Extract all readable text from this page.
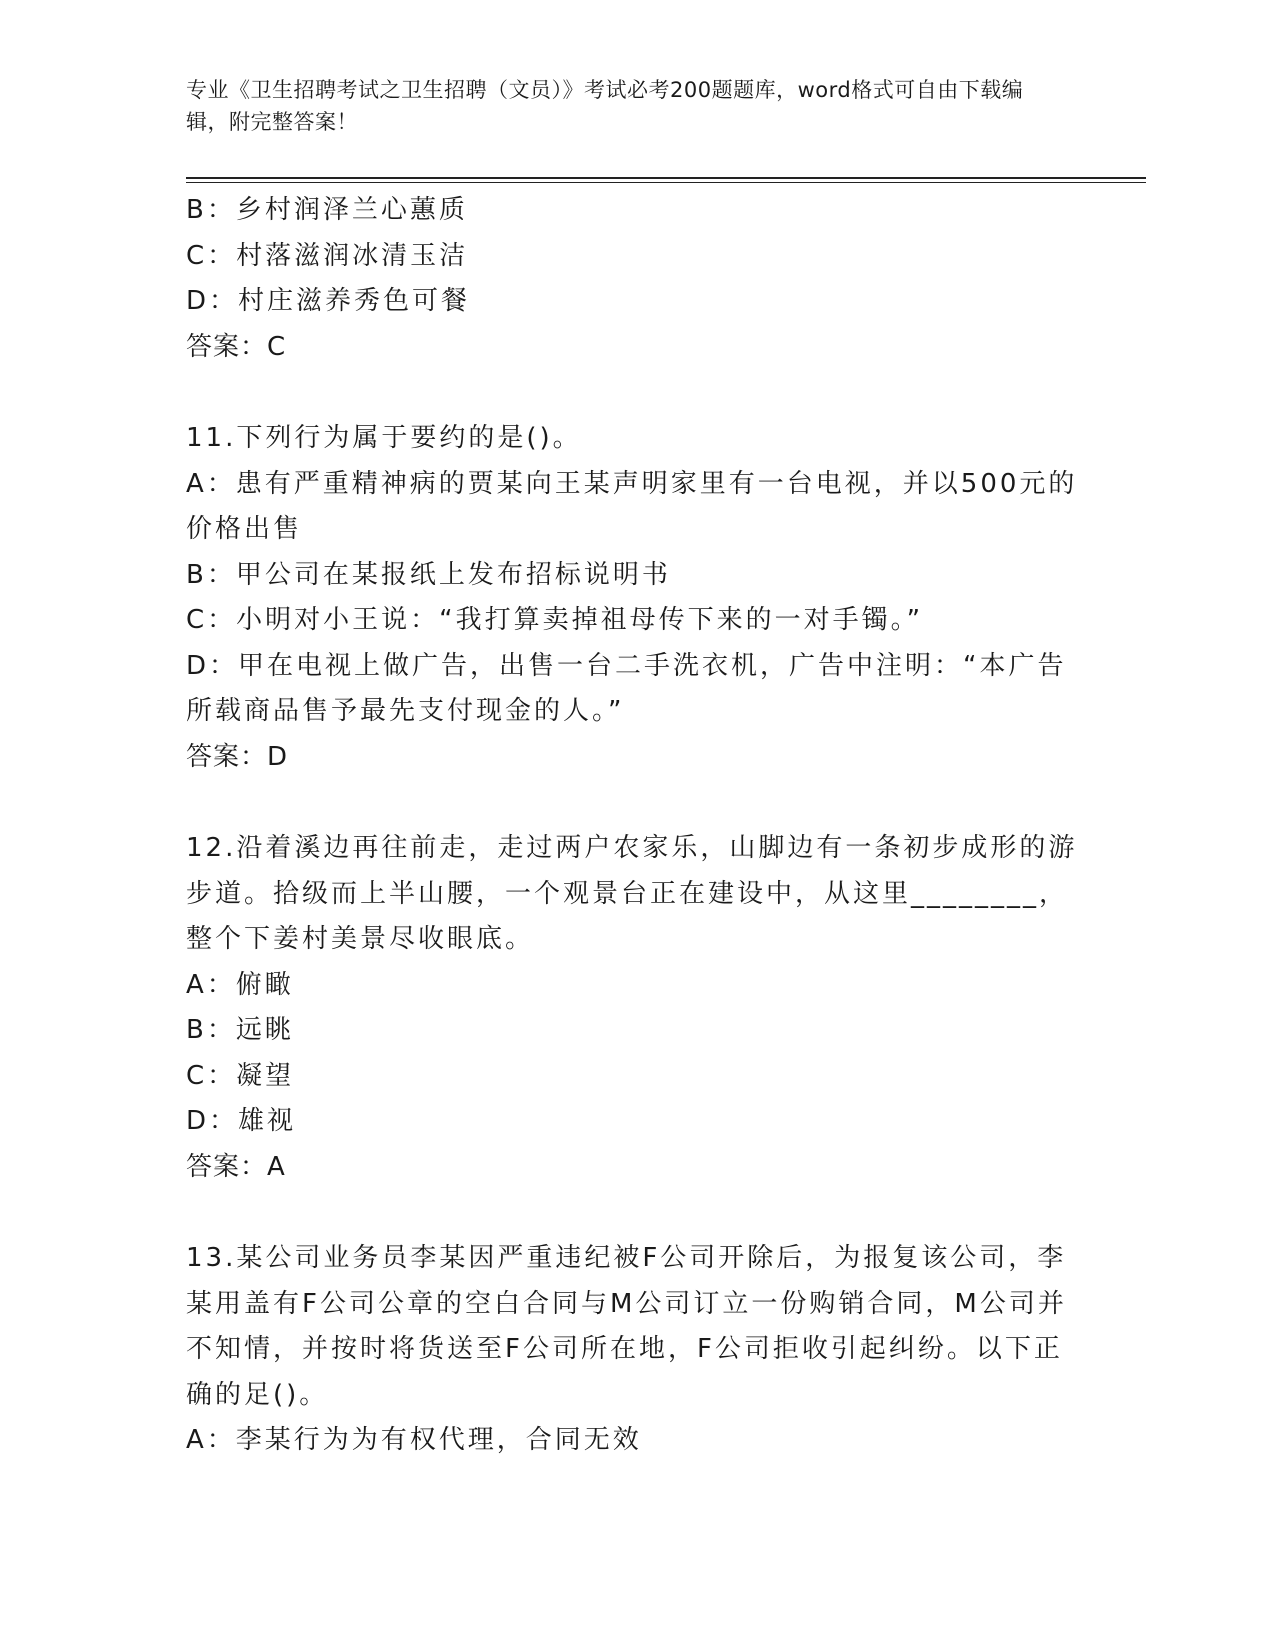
专业《卫生招聘考试之卫生招聘（文员）》考试必考200题题库，word格式可自由下载编辑，附完整答案！

B：乡村润泽兰心蕙质

C：村落滋润冰清玉洁

D：村庄滋养秀色可餐

答案：C

11.下列行为属于要约的是()。

A：患有严重精神病的贾某向王某声明家里有一台电视，并以500元的

价格出售

B：甲公司在某报纸上发布招标说明书

C：小明对小王说：“我打算卖掉祖母传下来的一对手镯。”

D：甲在电视上做广告，出售一台二手洗衣机，广告中注明：“本广告

所载商品售予最先支付现金的人。”

答案：D

12.沿着溪边再往前走，走过两户农家乐，山脚边有一条初步成形的游

步道。拾级而上半山腰，一个观景台正在建设中，从这里________，

整个下姜村美景尽收眼底。

A：俯瞰

B：远眺

C：凝望

D：雄视

答案：A

13.某公司业务员李某因严重违纪被F公司开除后，为报复该公司，李

某用盖有F公司公章的空白合同与M公司订立一份购销合同，M公司并

不知情，并按时将货送至F公司所在地，F公司拒收引起纠纷。以下正

确的足()。

A：李某行为为有权代理，合同无效
